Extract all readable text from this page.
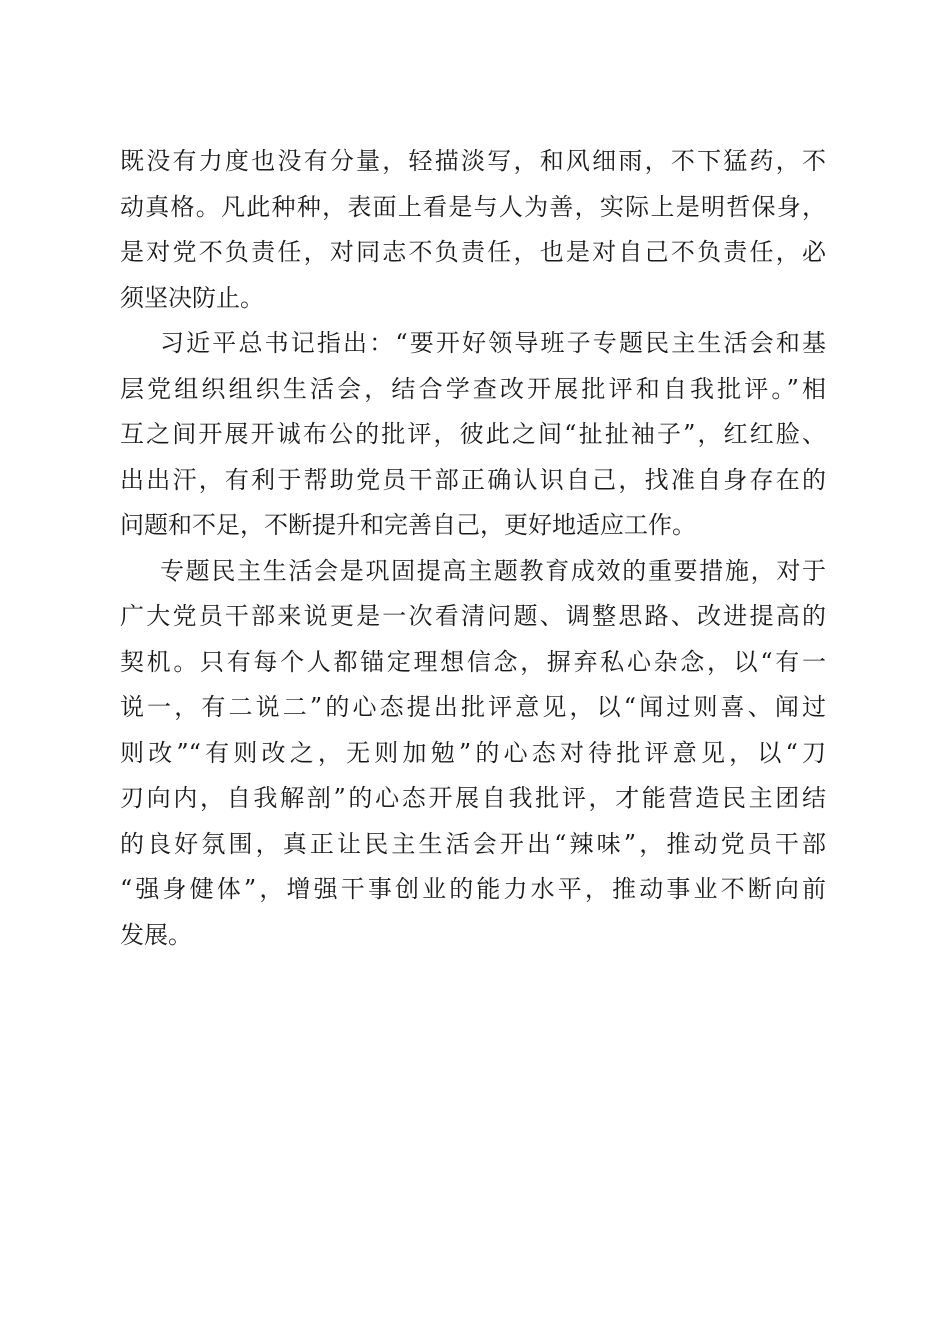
既没有力度也没有分量，轻描淡写，和风细雨，不下猛药，不
动真格。凡此种种，表面上看是与人为善，实际上是明哲保身，
是对党不负责任，对同志不负责任，也是对自己不负责任，必
须坚决防止。
习近平总书记指出：“要开好领导班子专题民主生活会和基
层党组织组织生活会，结合学查改开展批评和自我批评。”相
互之间开展开诚布公的批评，彼此之间“扯扯袖子”，红红脸、
出出汗，有利于帮助党员干部正确认识自己，找准自身存在的
问题和不足，不断提升和完善自己，更好地适应工作。
专题民主生活会是巩固提高主题教育成效的重要措施，对于
广大党员干部来说更是一次看清问题、调整思路、改进提高的
契机。只有每个人都锚定理想信念，摒弃私心杂念，以“有一
说一，有二说二”的心态提出批评意见，以“闻过则喜、闻过
则改”“有则改之，无则加勉”的心态对待批评意见，以“刀
刃向内，自我解剖”的心态开展自我批评，才能营造民主团结
的良好氛围，真正让民主生活会开出“辣味”，推动党员干部
“强身健体”，增强干事创业的能力水平，推动事业不断向前
发展。
